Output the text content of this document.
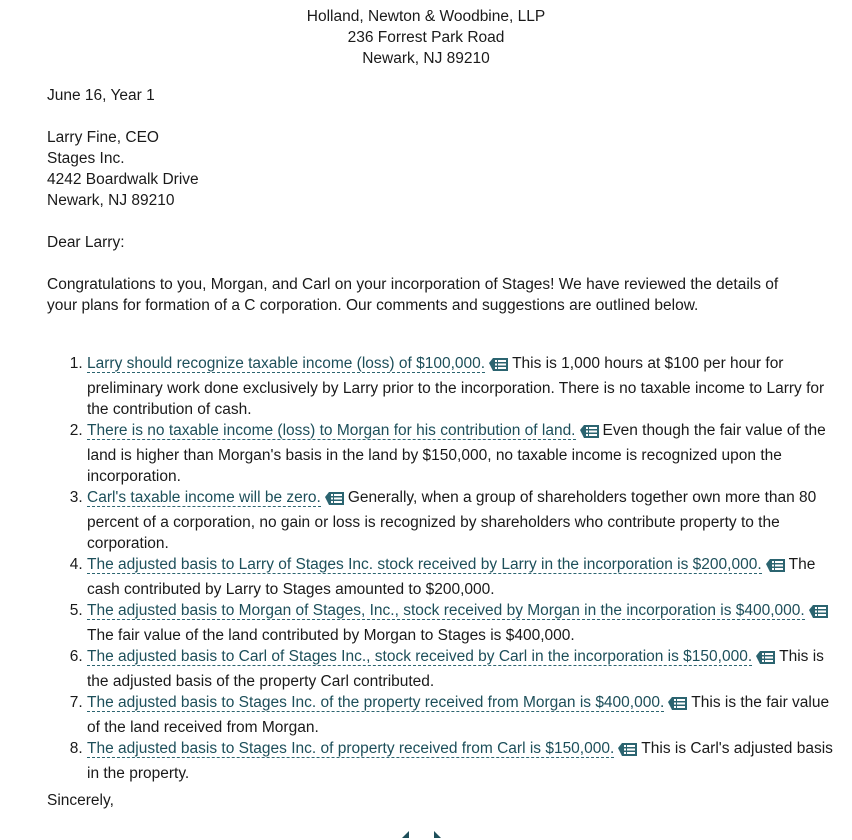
Holland, Newton & Woodbine, LLP
236 Forrest Park Road
Newark, NJ 89210
June 16, Year 1
Larry Fine, CEO
Stages Inc.
4242 Boardwalk Drive
Newark, NJ 89210
Dear Larry:
Congratulations to you, Morgan, and Carl on your incorporation of Stages! We have reviewed the details of your plans for formation of a C corporation. Our comments and suggestions are outlined below.
1. Larry should recognize taxable income (loss) of $100,000. This is 1,000 hours at $100 per hour for preliminary work done exclusively by Larry prior to the incorporation. There is no taxable income to Larry for the contribution of cash.
2. There is no taxable income (loss) to Morgan for his contribution of land. Even though the fair value of the land is higher than Morgan's basis in the land by $150,000, no taxable income is recognized upon the incorporation.
3. Carl's taxable income will be zero. Generally, when a group of shareholders together own more than 80 percent of a corporation, no gain or loss is recognized by shareholders who contribute property to the corporation.
4. The adjusted basis to Larry of Stages Inc. stock received by Larry in the incorporation is $200,000. The cash contributed by Larry to Stages amounted to $200,000.
5. The adjusted basis to Morgan of Stages, Inc., stock received by Morgan in the incorporation is $400,000.The fair value of the land contributed by Morgan to Stages is $400,000.
6. The adjusted basis to Carl of Stages Inc., stock received by Carl in the incorporation is $150,000. This is the adjusted basis of the property Carl contributed.
7. The adjusted basis to Stages Inc. of the property received from Morgan is $400,000. This is the fair value of the land received from Morgan.
8. The adjusted basis to Stages Inc. of property received from Carl is $150,000. This is Carl's adjusted basis in the property.
Sincerely,
